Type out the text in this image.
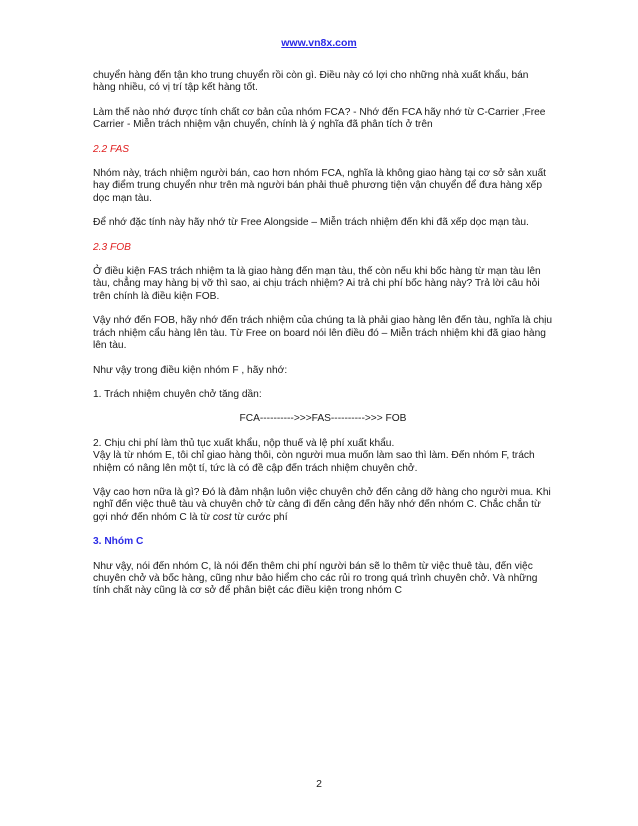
www.vn8x.com

chuyển hàng đến tận kho trung chuyển rồi còn gì. Điều này có lợi cho những nhà xuất khẩu, bán hàng nhiều, có vị trí tập kết hàng tốt.

Làm thế nào nhớ được tính chất cơ bản của nhóm FCA? - Nhớ đến FCA hãy nhớ từ C-Carrier ,Free Carrier - Miễn trách nhiệm vận chuyển, chính là ý nghĩa đã phân tích ở trên

2.2 FAS

Nhóm này, trách nhiệm người bán, cao hơn nhóm FCA, nghĩa là không giao hàng tại cơ sở sản xuất hay điểm trung chuyển như trên mà người bán phải thuê phương tiện vận chuyển để đưa hàng xếp dọc mạn tàu.

Để nhớ đặc tính này hãy nhớ từ Free Alongside – Miễn trách nhiệm đến khi đã xếp dọc mạn tàu.

2.3 FOB

Ở điều kiện FAS trách nhiệm ta là giao hàng đến mạn tàu, thế còn nếu khi bốc hàng từ mạn tàu lên tàu, chẳng may hàng bị vỡ thì sao, ai chịu trách nhiệm? Ai trả chi phí bốc hàng này? Trả lời câu hỏi trên chính là điều kiện FOB.

Vậy nhớ đến FOB, hãy nhớ đến trách nhiệm của chúng ta là phải giao hàng lên đến tàu, nghĩa là chịu trách nhiệm cẩu hàng lên tàu. Từ Free on board nói lên điều đó – Miễn trách nhiệm khi đã giao hàng lên tàu.

Như vậy trong điều kiện nhóm F , hãy nhớ:

1. Trách nhiệm chuyên chở tăng dần:

FCA---------->>>FAS---------->>> FOB

2. Chịu chi phí làm thủ tục xuất khẩu, nộp thuế và lệ phí xuất khẩu.
Vậy là từ nhóm E, tôi chỉ giao hàng thôi, còn người mua muốn làm sao thì làm. Đến nhóm F, trách nhiệm có nâng lên một tí, tức là có đề cập đến trách nhiệm chuyên chở.

Vậy cao hơn nữa là gì? Đó là đảm nhận luôn việc chuyên chở đến cảng dỡ hàng cho người mua. Khi nghĩ đến việc thuê tàu và chuyên chở từ cảng đi đến cảng đến hãy nhớ đến nhóm C. Chắc chắn từ gợi nhớ đến nhóm C là từ cost từ cước phí

3. Nhóm C

Như vậy, nói đến nhóm C, là nói đến thêm chi phí người bán sẽ lo thêm từ việc thuê tàu, đến việc chuyên chở và bốc hàng, cũng như bảo hiểm cho các rủi ro trong quá trình chuyên chở. Và những tính chất này cũng là cơ sở để phân biệt các điều kiện trong nhóm C

2
